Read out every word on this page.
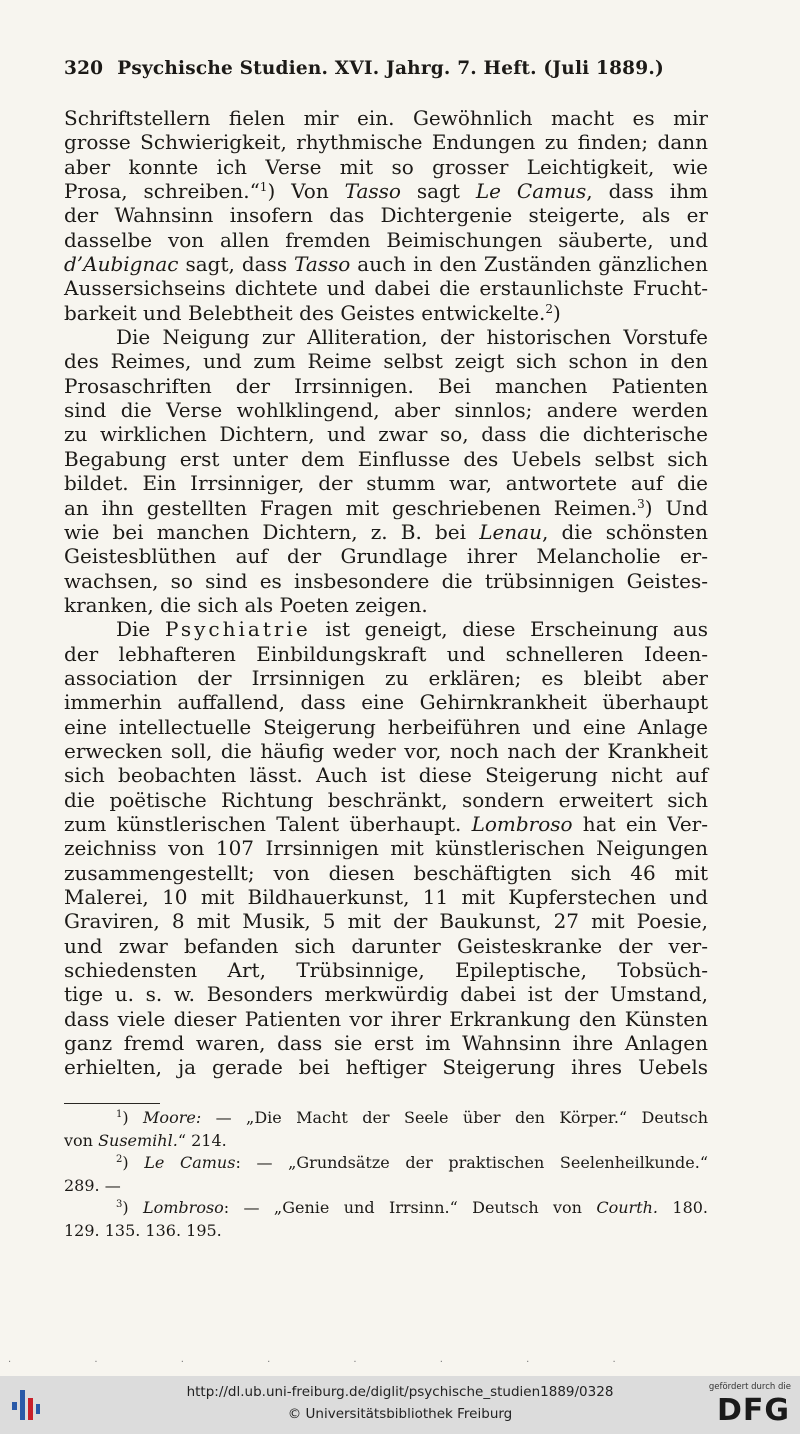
320 Psychische Studien. XVI. Jahrg. 7. Heft. (Juli 1889.)
Schriftstellern fielen mir ein. Gewöhnlich macht es mir
grosse Schwierigkeit, rhythmische Endungen zu finden; dann
aber konnte ich Verse mit so grosser Leichtigkeit, wie
Prosa, schreiben.“$^1$) Von Tasso sagt Le Camus, dass ihm
der Wahnsinn insofern das Dichtergenie steigerte, als er
dasselbe von allen fremden Beimischungen säuberte, und
d’Aubignac sagt, dass Tasso auch in den Zuständen gänzlichen
Aussersichseins dichtete und dabei die erstaunlichste Frucht-
barkeit und Belebtheit des Geistes entwickelte.$^2$)
Die Neigung zur Alliteration, der historischen Vorstufe
des Reimes, und zum Reime selbst zeigt sich schon in den
Prosaschriften der Irrsinnigen. Bei manchen Patienten
sind die Verse wohlklingend, aber sinnlos; andere werden
zu wirklichen Dichtern, und zwar so, dass die dichterische
Begabung erst unter dem Einflusse des Uebels selbst sich
bildet. Ein Irrsinniger, der stumm war, antwortete auf die
an ihn gestellten Fragen mit geschriebenen Reimen.$^3$) Und
wie bei manchen Dichtern, z. B. bei Lenau, die schönsten
Geistesblüthen auf der Grundlage ihrer Melancholie er-
wachsen, so sind es insbesondere die trübsinnigen Geistes-
kranken, die sich als Poeten zeigen.
Die Psychiatrie ist geneigt, diese Erscheinung aus
der lebhafteren Einbildungskraft und schnelleren Ideen-
association der Irrsinnigen zu erklären; es bleibt aber
immerhin auffallend, dass eine Gehirnkrankheit überhaupt
eine intellectuelle Steigerung herbeiführen und eine Anlage
erwecken soll, die häufig weder vor, noch nach der Krankheit
sich beobachten lässt. Auch ist diese Steigerung nicht auf
die poëtische Richtung beschränkt, sondern erweitert sich
zum künstlerischen Talent überhaupt. Lombroso hat ein Ver-
zeichniss von 107 Irrsinnigen mit künstlerischen Neigungen
zusammengestellt; von diesen beschäftigten sich 46 mit
Malerei, 10 mit Bildhauerkunst, 11 mit Kupferstechen und
Graviren, 8 mit Musik, 5 mit der Baukunst, 27 mit Poesie,
und zwar befanden sich darunter Geisteskranke der ver-
schiedensten Art, Trübsinnige, Epileptische, Tobsüch-
tige u. s. w. Besonders merkwürdig dabei ist der Umstand,
dass viele dieser Patienten vor ihrer Erkrankung den Künsten
ganz fremd waren, dass sie erst im Wahnsinn ihre Anlagen
erhielten, ja gerade bei heftiger Steigerung ihres Uebels
$^1$) Moore: — „Die Macht der Seele über den Körper.“ Deutsch
von Susemihl.“ 214.
$^2$) Le Camus: — „Grundsätze der praktischen Seelenheilkunde.“
289. —
$^3$) Lombroso: — „Genie und Irrsinn.“ Deutsch von Courth. 180.
129. 135. 136. 195.
· · · · · · · ·
http://dl.ub.uni-freiburg.de/diglit/psychische_studien1889/0328
© Universitätsbibliothek Freiburg
gefördert durch die
DFG
